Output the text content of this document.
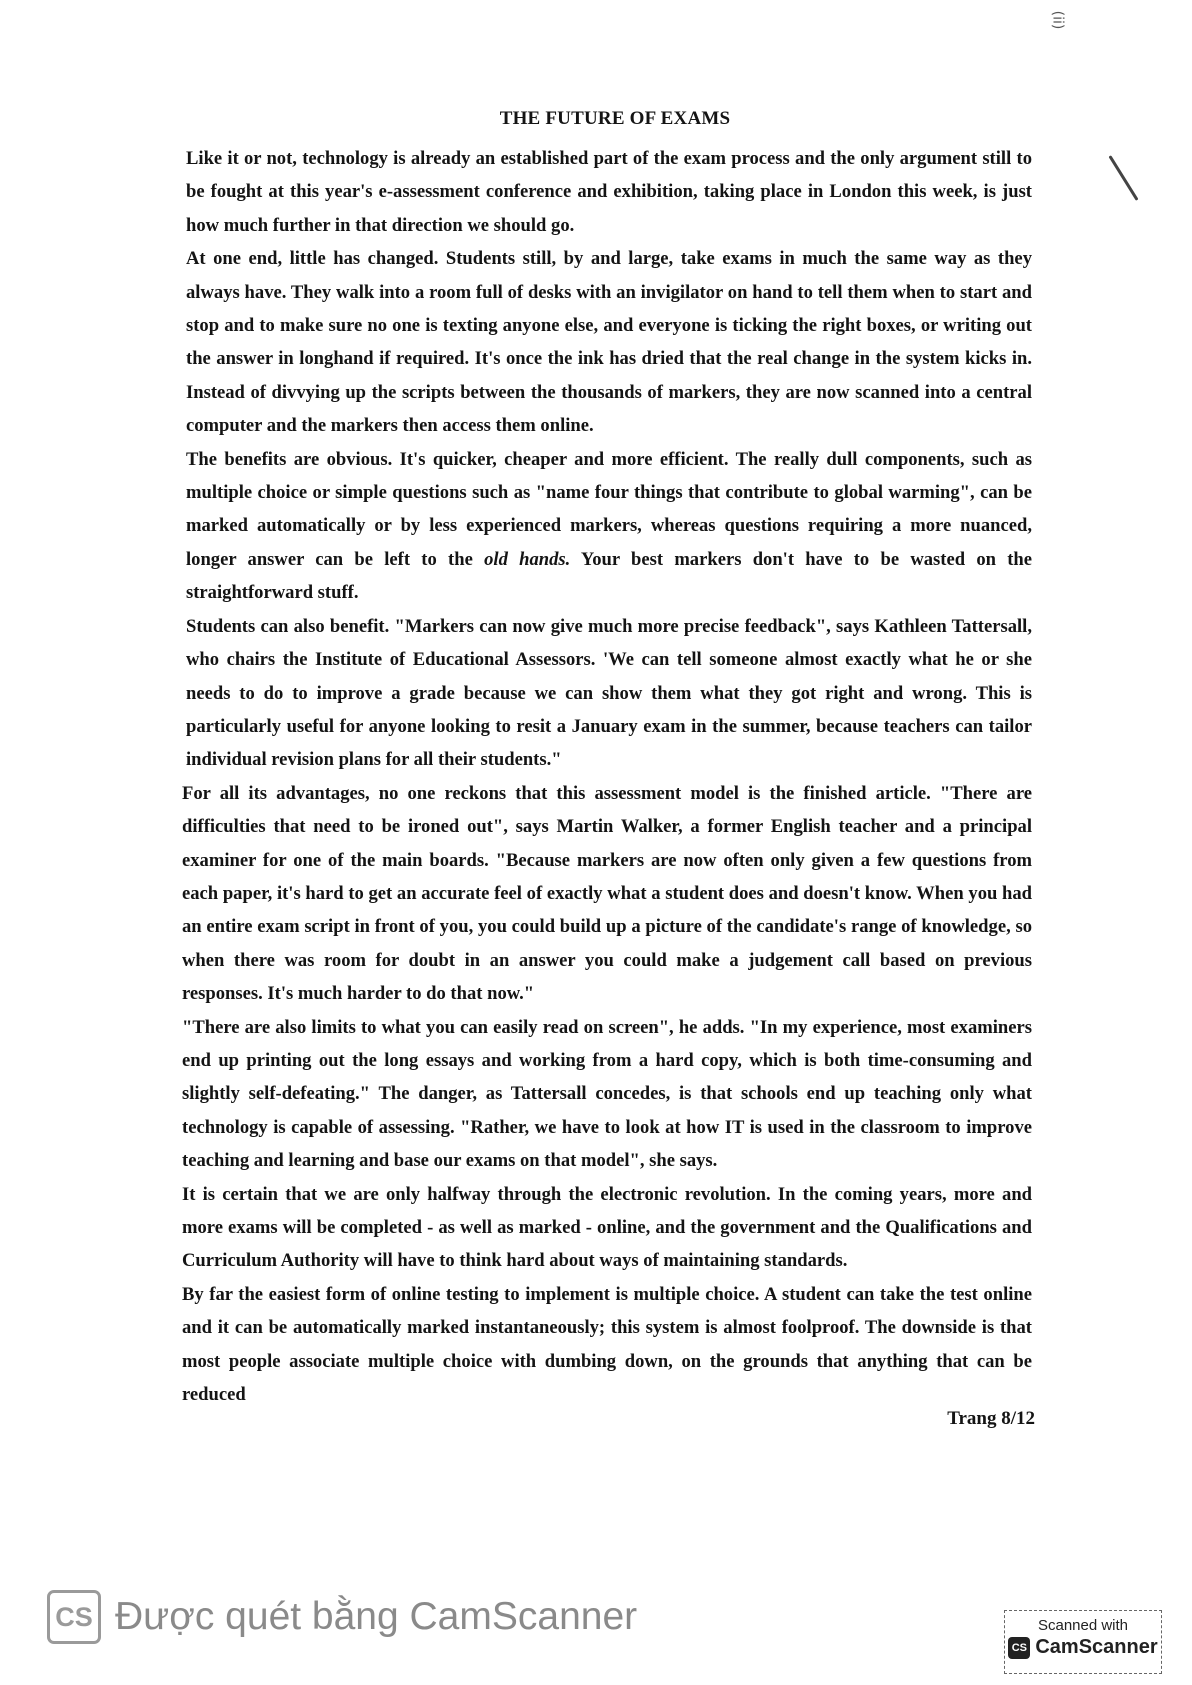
(ii)
THE FUTURE OF EXAMS

Like it or not, technology is already an established part of the exam process and the only argument still to be fought at this year's e-assessment conference and exhibition, taking place in London this week, is just how much further in that direction we should go.

At one end, little has changed. Students still, by and large, take exams in much the same way as they always have. They walk into a room full of desks with an invigilator on hand to tell them when to start and stop and to make sure no one is texting anyone else, and everyone is ticking the right boxes, or writing out the answer in longhand if required. It's once the ink has dried that the real change in the system kicks in. Instead of divvying up the scripts between the thousands of markers, they are now scanned into a central computer and the markers then access them online.

The benefits are obvious. It's quicker, cheaper and more efficient. The really dull components, such as multiple choice or simple questions such as "name four things that contribute to global warming", can be marked automatically or by less experienced markers, whereas questions requiring a more nuanced, longer answer can be left to the old hands. Your best markers don't have to be wasted on the straightforward stuff.

Students can also benefit. "Markers can now give much more precise feedback", says Kathleen Tattersall, who chairs the Institute of Educational Assessors. 'We can tell someone almost exactly what he or she needs to do to improve a grade because we can show them what they got right and wrong. This is particularly useful for anyone looking to resit a January exam in the summer, because teachers can tailor individual revision plans for all their students."

For all its advantages, no one reckons that this assessment model is the finished article. "There are difficulties that need to be ironed out", says Martin Walker, a former English teacher and a principal examiner for one of the main boards. "Because markers are now often only given a few questions from each paper, it's hard to get an accurate feel of exactly what a student does and doesn't know. When you had an entire exam script in front of you, you could build up a picture of the candidate's range of knowledge, so when there was room for doubt in an answer you could make a judgement call based on previous responses. It's much harder to do that now."

"There are also limits to what you can easily read on screen", he adds. "In my experience, most examiners end up printing out the long essays and working from a hard copy, which is both time-consuming and slightly self-defeating." The danger, as Tattersall concedes, is that schools end up teaching only what technology is capable of assessing. "Rather, we have to look at how IT is used in the classroom to improve teaching and learning and base our exams on that model", she says.

It is certain that we are only halfway through the electronic revolution. In the coming years, more and more exams will be completed - as well as marked - online, and the government and the Qualifications and Curriculum Authority will have to think hard about ways of maintaining standards.

By far the easiest form of online testing to implement is multiple choice. A student can take the test online and it can be automatically marked instantaneously; this system is almost foolproof. The downside is that most people associate multiple choice with dumbing down, on the grounds that anything that can be reduced

Trang 8/12
CS Được quét bằng CamScanner	Scanned with
CS CamScanner
